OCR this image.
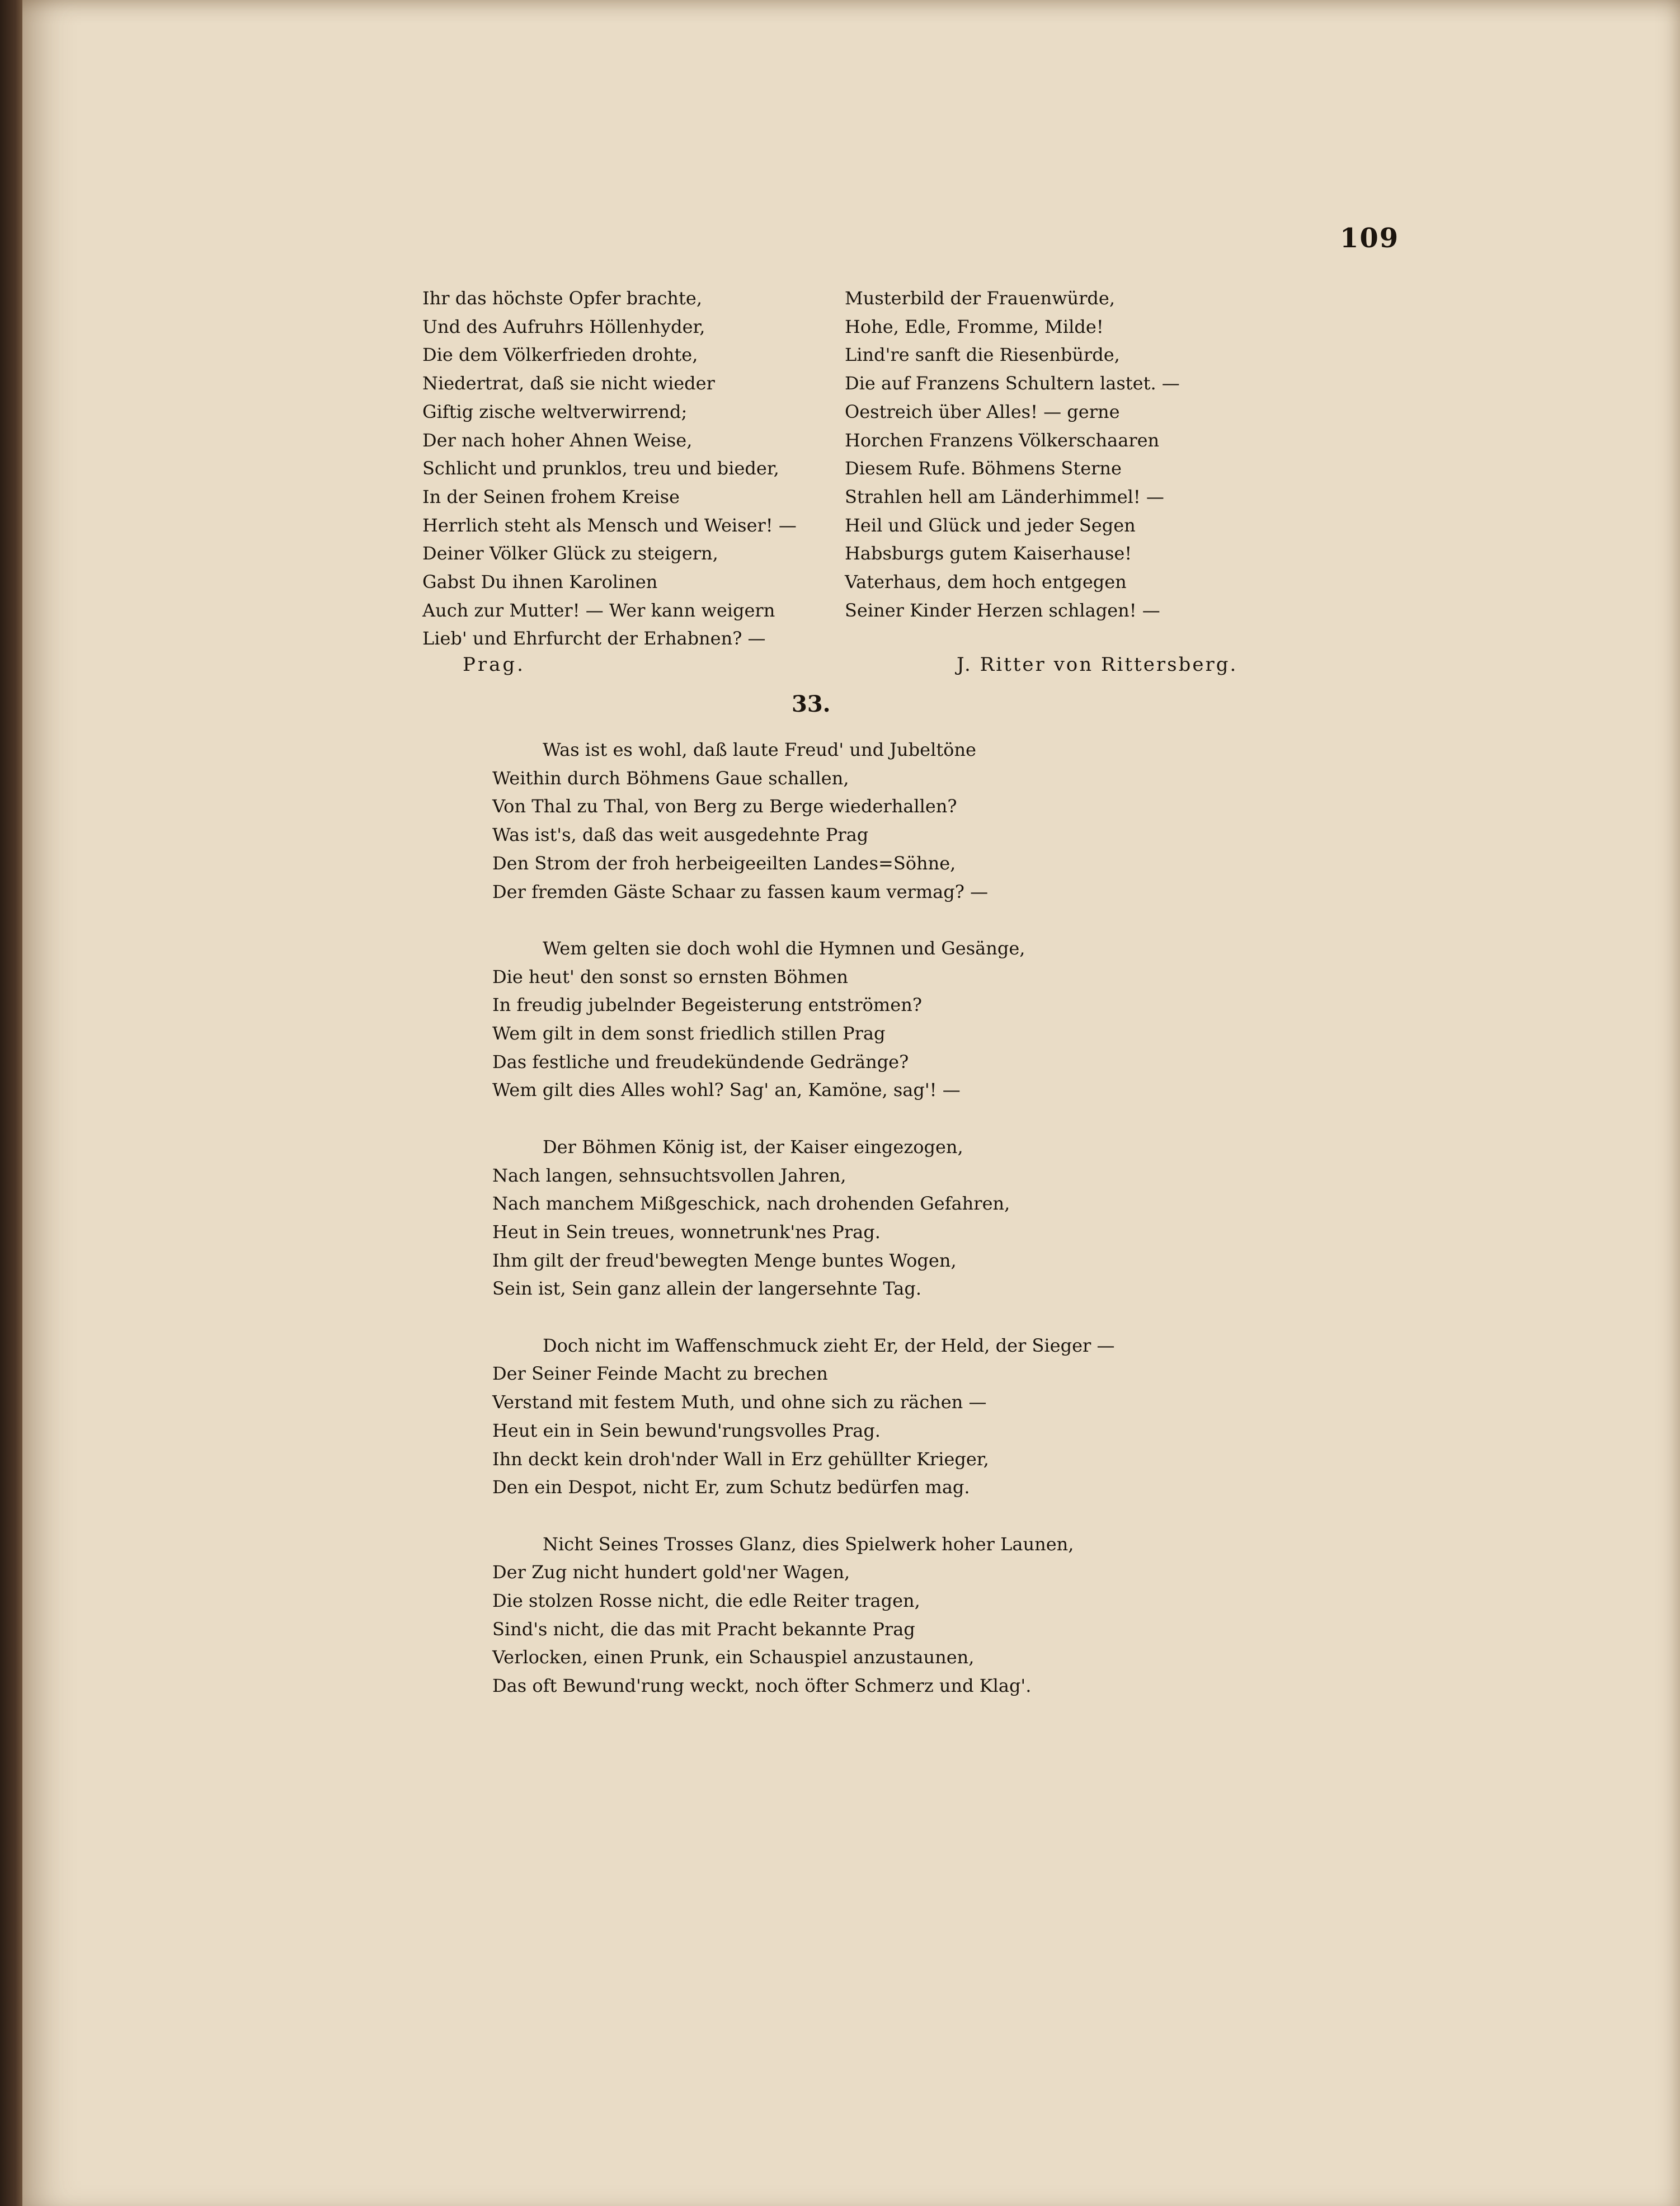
109
Ihr das höchste Opfer brachte,
Und des Aufruhrs Höllenhyder,
Die dem Völkerfrieden drohte,
Niedertrat, daß sie nicht wieder
Giftig zische weltverwirrend;
Der nach hoher Ahnen Weise,
Schlicht und prunklos, treu und bieder,
In der Seinen frohem Kreise
Herrlich steht als Mensch und Weiser! —
Deiner Völker Glück zu steigern,
Gabst Du ihnen Karolinen
Auch zur Mutter! — Wer kann weigern
Lieb' und Ehrfurcht der Erhabnen? —
Musterbild der Frauenwürde,
Hohe, Edle, Fromme, Milde!
Lind're sanft die Riesenbürde,
Die auf Franzens Schultern lastet. —
Oestreich über Alles! — gerne
Horchen Franzens Völkerschaaren
Diesem Rufe. Böhmens Sterne
Strahlen hell am Länderhimmel! —
Heil und Glück und jeder Segen
Habsburgs gutem Kaiserhause!
Vaterhaus, dem hoch entgegen
Seiner Kinder Herzen schlagen! —
Prag.	J. Ritter von Rittersberg.
33.
Was ist es wohl, daß laute Freud' und Jubeltöne
Weithin durch Böhmens Gaue schallen,
Von Thal zu Thal, von Berg zu Berge wiederhallen?
Was ist's, daß das weit ausgedehnte Prag
Den Strom der froh herbeigeeilten Landes=Söhne,
Der fremden Gäste Schaar zu fassen kaum vermag? —
Wem gelten sie doch wohl die Hymnen und Gesänge,
Die heut' den sonst so ernsten Böhmen
In freudig jubelnder Begeisterung entströmen?
Wem gilt in dem sonst friedlich stillen Prag
Das festliche und freudekündende Gedränge?
Wem gilt dies Alles wohl? Sag' an, Kamöne, sag'! —
Der Böhmen König ist, der Kaiser eingezogen,
Nach langen, sehnsuchtsvollen Jahren,
Nach manchem Mißgeschick, nach drohenden Gefahren,
Heut in Sein treues, wonnetrunk'nes Prag.
Ihm gilt der freud'bewegten Menge buntes Wogen,
Sein ist, Sein ganz allein der langersehnte Tag.
Doch nicht im Waffenschmuck zieht Er, der Held, der Sieger —
Der Seiner Feinde Macht zu brechen
Verstand mit festem Muth, und ohne sich zu rächen —
Heut ein in Sein bewund'rungsvolles Prag.
Ihn deckt kein droh'nder Wall in Erz gehüllter Krieger,
Den ein Despot, nicht Er, zum Schutz bedürfen mag.
Nicht Seines Trosses Glanz, dies Spielwerk hoher Launen,
Der Zug nicht hundert gold'ner Wagen,
Die stolzen Rosse nicht, die edle Reiter tragen,
Sind's nicht, die das mit Pracht bekannte Prag
Verlocken, einen Prunk, ein Schauspiel anzustaunen,
Das oft Bewund'rung weckt, noch öfter Schmerz und Klag'.
